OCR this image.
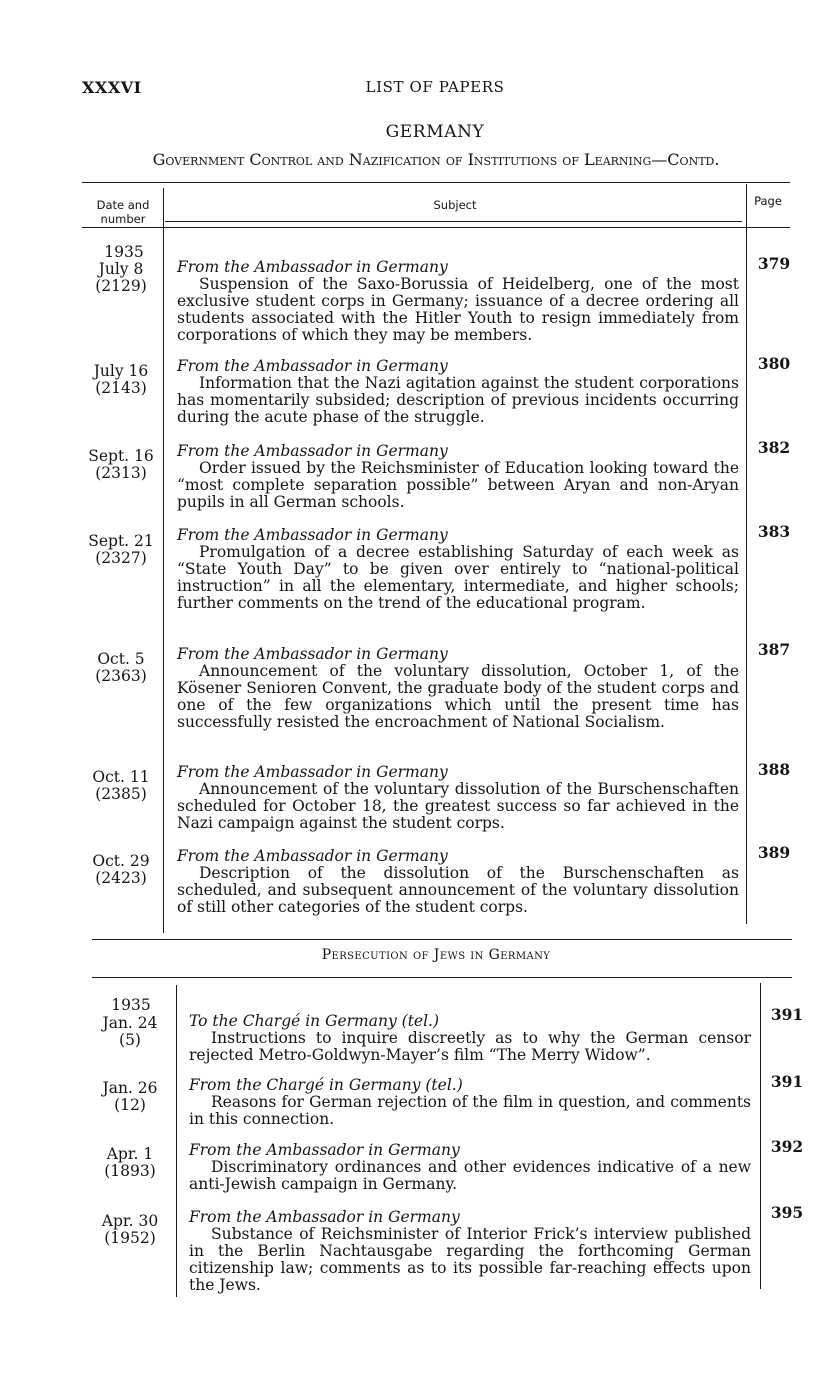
XXXVI	LIST OF PAPERS
GERMANY
Government Control and Nazification of Institutions of Learning—Contd.
Date and number
Subject	Page
Persecution of Jews in Germany
1935
July 8
(2129)
From the Ambassador in Germany
Suspension of the Saxo-Borussia of Heidelberg, one of the most exclusive student corps in Germany; issuance of a decree ordering all students associated with the Hitler Youth to resign immediately from corporations of which they may be members.
379
July 16
(2143)
From the Ambassador in Germany
Information that the Nazi agitation against the student corporations has momentarily subsided; description of previous incidents occurring during the acute phase of the struggle.
380
Sept. 16
(2313)
From the Ambassador in Germany
Order issued by the Reichsminister of Education looking toward the “most complete separation possible” between Aryan and non-Aryan pupils in all German schools.
382
Sept. 21
(2327)
From the Ambassador in Germany
Promulgation of a decree establishing Saturday of each week as “State Youth Day” to be given over entirely to “national-political instruction” in all the elementary, intermediate, and higher schools; further comments on the trend of the educational program.
383
Oct. 5
(2363)
From the Ambassador in Germany
Announcement of the voluntary dissolution, October 1, of the Kösener Senioren Convent, the graduate body of the student corps and one of the few organizations which until the present time has successfully resisted the encroachment of National Socialism.
387
Oct. 11
(2385)
From the Ambassador in Germany
Announcement of the voluntary dissolution of the Burschenschaften scheduled for October 18, the greatest success so far achieved in the Nazi campaign against the student corps.
388
Oct. 29
(2423)
From the Ambassador in Germany
Description of the dissolution of the Burschenschaften as scheduled, and subsequent announcement of the voluntary dissolution of still other categories of the student corps.
389
1935
Jan. 24
(5)
To the Chargé in Germany (tel.)
Instructions to inquire discreetly as to why the German censor rejected Metro-Goldwyn-Mayer’s film “The Merry Widow”.
391
Jan. 26
(12)
From the Chargé in Germany (tel.)
Reasons for German rejection of the film in question, and comments in this connection.
391
Apr. 1
(1893)
From the Ambassador in Germany
Discriminatory ordinances and other evidences indicative of a new anti-Jewish campaign in Germany.
392
Apr. 30
(1952)
From the Ambassador in Germany
Substance of Reichsminister of Interior Frick’s interview published in the Berlin Nachtausgabe regarding the forthcoming German citizenship law; comments as to its possible far-reaching effects upon the Jews.
395
